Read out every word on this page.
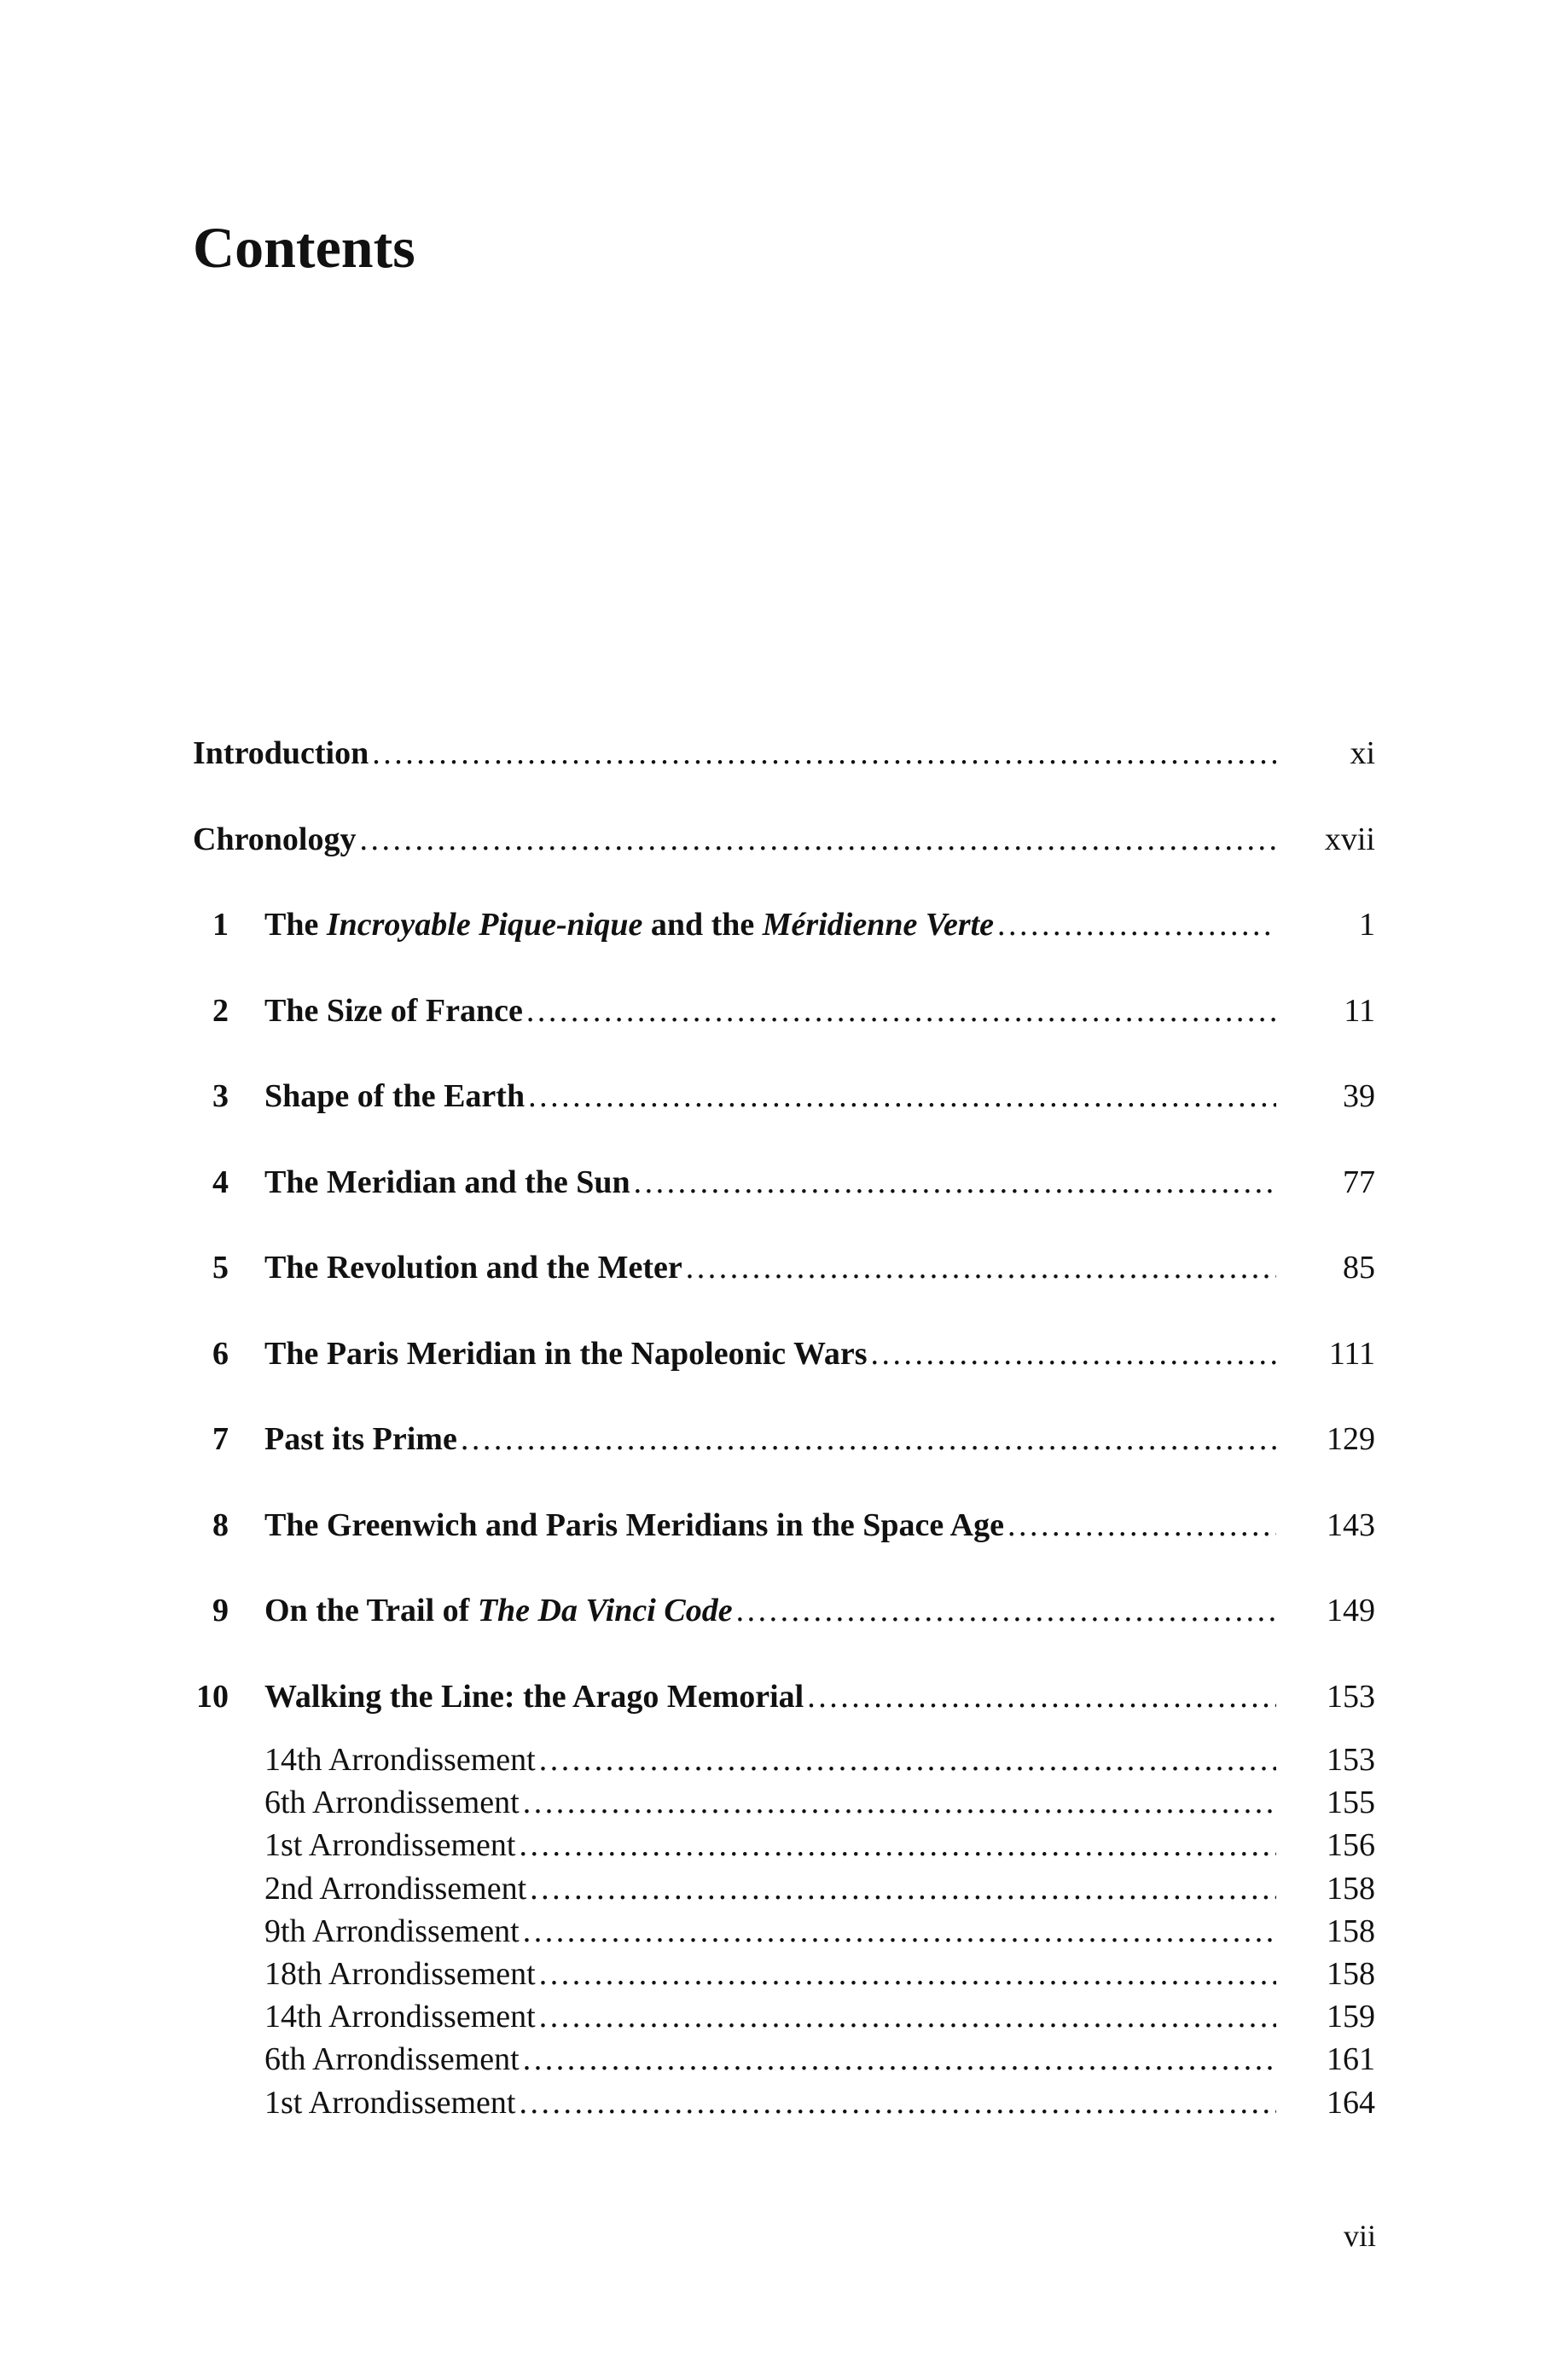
Contents
Introduction . . .	xi
Chronology . . .	xvii
1 The Incroyable Pique-nique and the Méridienne Verte . . .	1
2 The Size of France . . .	11
3 Shape of the Earth . . .	39
4 The Meridian and the Sun . . .	77
5 The Revolution and the Meter . . .	85
6 The Paris Meridian in the Napoleonic Wars . . .	111
7 Past its Prime . . .	129
8 The Greenwich and Paris Meridians in the Space Age . . .	143
9 On the Trail of The Da Vinci Code . . .	149
10 Walking the Line: the Arago Memorial . . .	153
14th Arrondissement . . .	153
6th Arrondissement . . .	155
1st Arrondissement . . .	156
2nd Arrondissement . . .	158
9th Arrondissement . . .	158
18th Arrondissement . . .	158
14th Arrondissement . . .	159
6th Arrondissement . . .	161
1st Arrondissement . . .	164
vii
